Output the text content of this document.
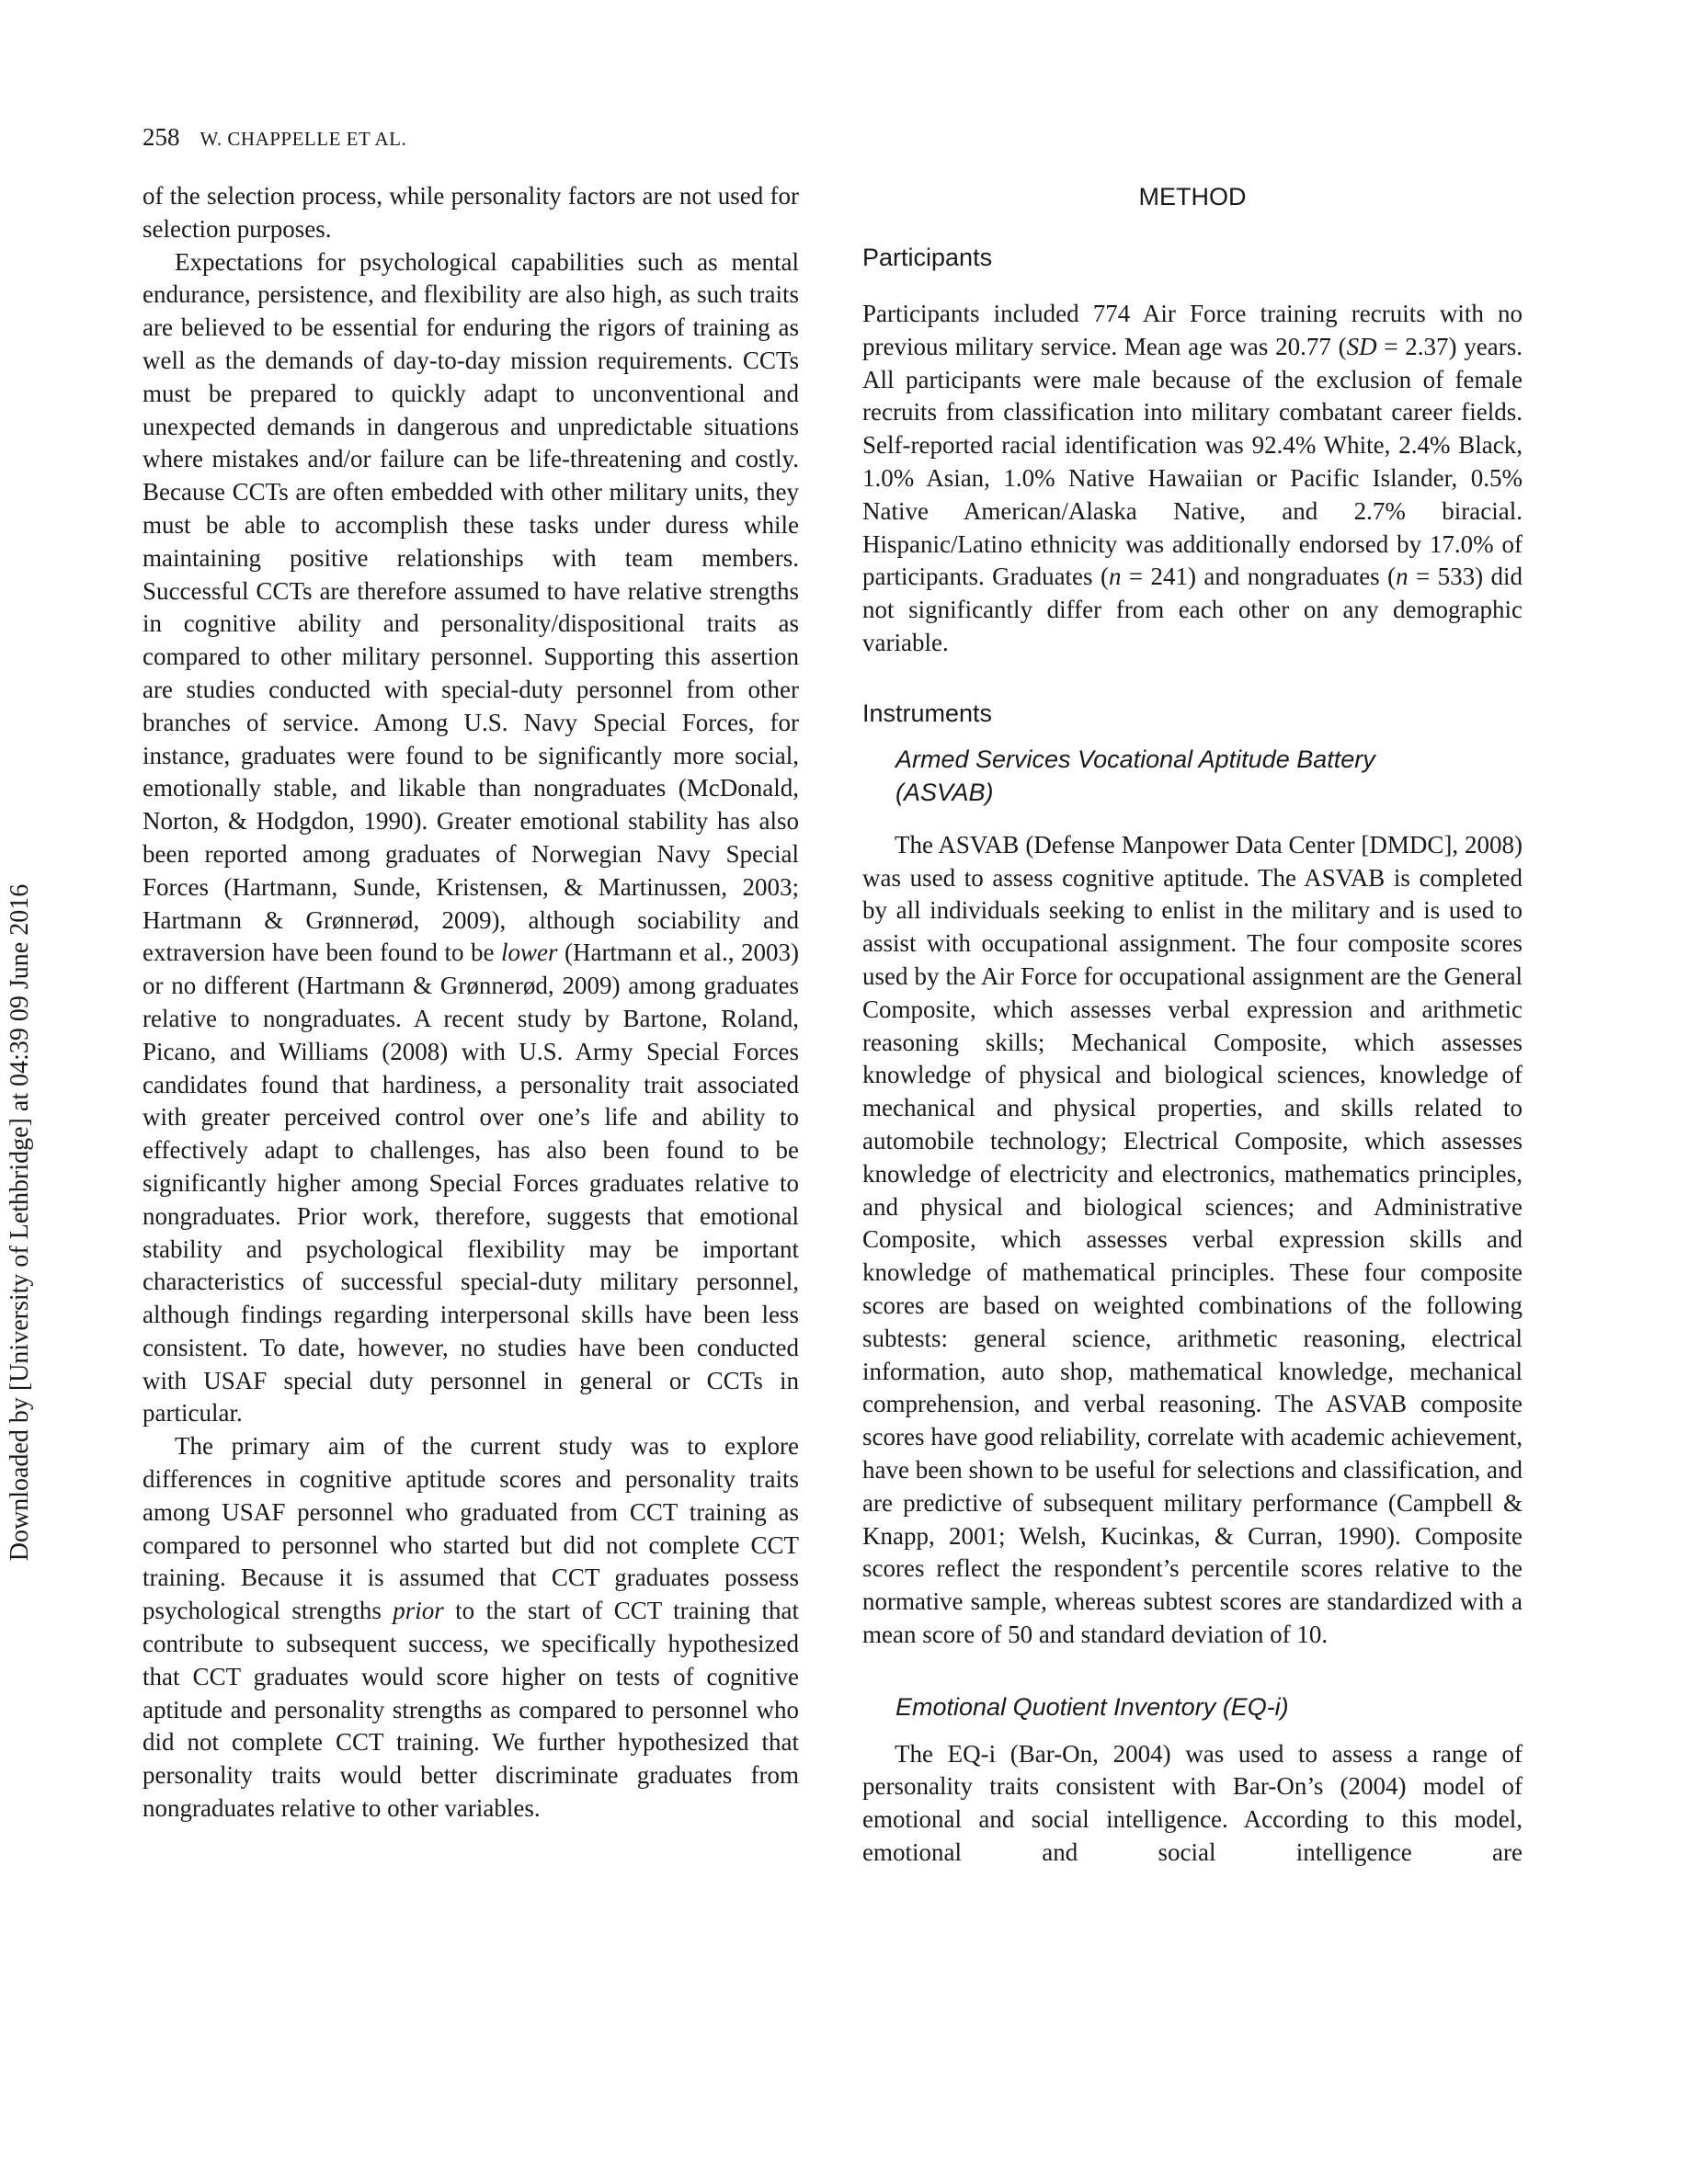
258 W. CHAPPELLE ET AL.
Downloaded by [University of Lethbridge] at 04:39 09 June 2016

of the selection process, while personality factors are not used for selection purposes.

Expectations for psychological capabilities such as mental endurance, persistence, and flexibility are also high, as such traits are believed to be essential for enduring the rigors of training as well as the demands of day-to-day mission requirements. CCTs must be prepared to quickly adapt to unconventional and unexpected demands in dangerous and unpredictable situations where mistakes and/or failure can be life-threatening and costly. Because CCTs are often embedded with other military units, they must be able to accomplish these tasks under duress while maintaining positive relationships with team members. Successful CCTs are therefore assumed to have relative strengths in cognitive ability and personality/dispositional traits as compared to other military personnel. Supporting this assertion are studies conducted with special-duty personnel from other branches of service. Among U.S. Navy Special Forces, for instance, graduates were found to be significantly more social, emotionally stable, and likable than nongraduates (McDonald, Norton, & Hodgdon, 1990). Greater emotional stability has also been reported among graduates of Norwegian Navy Special Forces (Hartmann, Sunde, Kristensen, & Martinussen, 2003; Hartmann & Grønnerød, 2009), although sociability and extraversion have been found to be lower (Hartmann et al., 2003) or no different (Hartmann & Grønnerød, 2009) among graduates relative to nongraduates. A recent study by Bartone, Roland, Picano, and Williams (2008) with U.S. Army Special Forces candidates found that hardiness, a personality trait associated with greater perceived control over one’s life and ability to effectively adapt to challenges, has also been found to be significantly higher among Special Forces graduates relative to nongraduates. Prior work, therefore, suggests that emotional stability and psychological flexibility may be important characteristics of successful special-duty military personnel, although findings regarding interpersonal skills have been less consistent. To date, however, no studies have been conducted with USAF special duty personnel in general or CCTs in particular.

The primary aim of the current study was to explore differences in cognitive aptitude scores and personality traits among USAF personnel who graduated from CCT training as compared to personnel who started but did not complete CCT training. Because it is assumed that CCT graduates possess psychological strengths prior to the start of CCT training that contribute to subsequent success, we specifically hypothesized that CCT graduates would score higher on tests of cognitive aptitude and personality strengths as compared to personnel who did not complete CCT training. We further hypothesized that personality traits would better discriminate graduates from nongraduates relative to other variables.

METHOD
Participants

Participants included 774 Air Force training recruits with no previous military service. Mean age was 20.77 (SD = 2.37) years. All participants were male because of the exclusion of female recruits from classification into military combatant career fields. Self-reported racial identification was 92.4% White, 2.4% Black, 1.0% Asian, 1.0% Native Hawaiian or Pacific Islander, 0.5% Native American/Alaska Native, and 2.7% biracial. Hispanic/Latino ethnicity was additionally endorsed by 17.0% of participants. Graduates (n = 241) and nongraduates (n = 533) did not significantly differ from each other on any demographic variable.

Instruments
Armed Services Vocational Aptitude Battery (ASVAB)

The ASVAB (Defense Manpower Data Center [DMDC], 2008) was used to assess cognitive aptitude. The ASVAB is completed by all individuals seeking to enlist in the military and is used to assist with occupational assignment. The four composite scores used by the Air Force for occupational assignment are the General Composite, which assesses verbal expression and arithmetic reasoning skills; Mechanical Composite, which assesses knowledge of physical and biological sciences, knowledge of mechanical and physical properties, and skills related to automobile technology; Electrical Composite, which assesses knowledge of electricity and electronics, mathematics principles, and physical and biological sciences; and Administrative Composite, which assesses verbal expression skills and knowledge of mathematical principles. These four composite scores are based on weighted combinations of the following subtests: general science, arithmetic reasoning, electrical information, auto shop, mathematical knowledge, mechanical comprehension, and verbal reasoning. The ASVAB composite scores have good reliability, correlate with academic achievement, have been shown to be useful for selections and classification, and are predictive of subsequent military performance (Campbell & Knapp, 2001; Welsh, Kucinkas, & Curran, 1990). Composite scores reflect the respondent’s percentile scores relative to the normative sample, whereas subtest scores are standardized with a mean score of 50 and standard deviation of 10.

Emotional Quotient Inventory (EQ-i)

The EQ-i (Bar-On, 2004) was used to assess a range of personality traits consistent with Bar-On’s (2004) model of emotional and social intelligence. According to this model, emotional and social intelligence are
